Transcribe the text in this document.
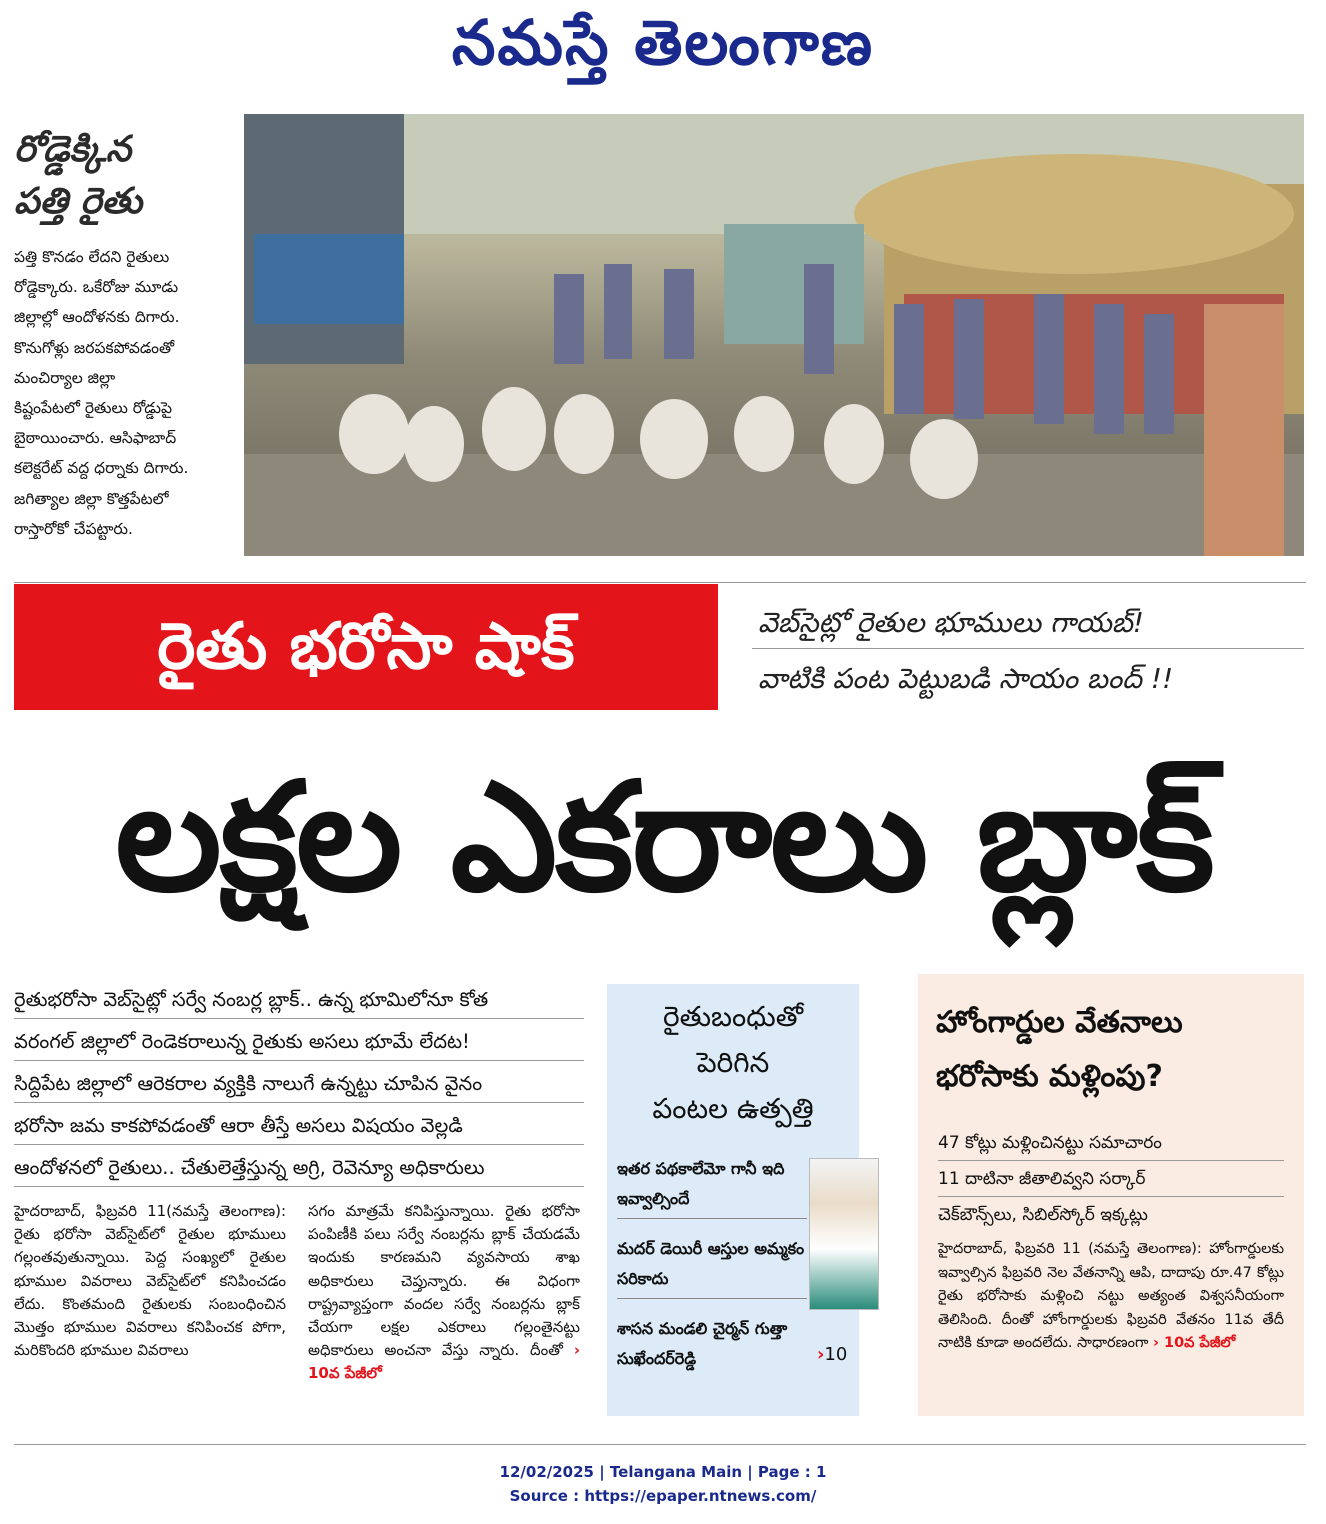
నమస్తే తెలంగాణ
రోడ్డెక్కిన
పత్తి రైతు
పత్తి కొనడం లేదని రైతులు
రోడ్డెక్కారు. ఒకేరోజు మూడు
జిల్లాల్లో ఆందోళనకు దిగారు.
కొనుగోళ్లు జరపకపోవడంతో
మంచిర్యాల జిల్లా
కిష్టంపేటలో రైతులు రోడ్డుపై
బైఠాయించారు. ఆసిఫాబాద్
కలెక్టరేట్ వద్ద ధర్నాకు దిగారు.
జగిత్యాల జిల్లా కొత్తపేటలో
రాస్తారోకో చేపట్టారు.
రైతు భరోసా షాక్	వెబ్‌సైట్లో రైతుల భూములు గాయబ్!
వాటికి పంట పెట్టుబడి సాయం బంద్ !!
లక్షల ఎకరాలు బ్లాక్
రైతుభరోసా వెబ్‌సైట్లో సర్వే నంబర్ల బ్లాక్.. ఉన్న భూమిలోనూ కోత
వరంగల్ జిల్లాలో రెండెకరాలున్న రైతుకు అసలు భూమే లేదట!
సిద్దిపేట జిల్లాలో ఆరెకరాల వ్యక్తికి నాలుగే ఉన్నట్టు చూపిన వైనం
భరోసా జమ కాకపోవడంతో ఆరా తీస్తే అసలు విషయం వెల్లడి
ఆందోళనలో రైతులు.. చేతులెత్తేస్తున్న అగ్రి, రెవెన్యూ అధికారులు
హైదరాబాద్, ఫిబ్రవరి 11(నమస్తే తెలంగాణ): రైతు భరోసా వెబ్‌సైట్‌లో రైతుల భూములు గల్లంతవుతున్నాయి. పెద్ద సంఖ్యలో రైతుల భూముల వివరాలు వెబ్‌సైట్‌లో కనిపించడం లేదు. కొంతమంది రైతులకు సంబంధించిన మొత్తం భూముల వివరాలు కనిపించక పోగా, మరికొందరి భూముల వివరాలు
సగం మాత్రమే కనిపిస్తున్నాయి. రైతు భరోసా పంపిణీకి పలు సర్వే నంబర్లను బ్లాక్ చేయడమే ఇందుకు కారణమని వ్యవసాయ శాఖ అధికారులు చెప్తున్నారు. ఈ విధంగా రాష్ట్రవ్యాప్తంగా వందల సర్వే నంబర్లను బ్లాక్ చేయగా లక్షల ఎకరాలు గల్లంతైనట్టు అధికారులు అంచనా వేస్తు న్నారు. దీంతో › 10వ పేజీలో
రైతుబంధుతో
పెరిగిన
పంటల ఉత్పత్తి
ఇతర పథకాలేమో గానీ ఇది ఇవ్వాల్సిందే
మదర్ డెయిరీ ఆస్తుల అమ్మకం సరికాదు
శాసన మండలి చైర్మన్ గుత్తా సుఖేందర్‌రెడ్డి	›10
హోంగార్డుల వేతనాలు
భరోసాకు మళ్లింపు?
47 కోట్లు మళ్లించినట్టు సమాచారం
11 దాటినా జీతాలివ్వని సర్కార్
చెక్‌బౌన్స్‌లు, సిబిల్‌స్కోర్ ఇక్కట్లు
హైదరాబాద్, ఫిబ్రవరి 11 (నమస్తే తెలంగాణ): హోంగార్డులకు ఇవ్వాల్సిన ఫిబ్రవరి నెల వేతనాన్ని ఆపి, దాదాపు రూ.47 కోట్లు రైతు భరోసాకు మళ్లించి నట్టు అత్యంత విశ్వసనీయంగా తెలిసింది. దీంతో హోంగార్డులకు ఫిబ్రవరి వేతనం 11వ తేదీ నాటికి కూడా అందలేదు. సాధారణంగా › 10వ పేజీలో
12/02/2025 | Telangana Main | Page : 1
Source : https://epaper.ntnews.com/
